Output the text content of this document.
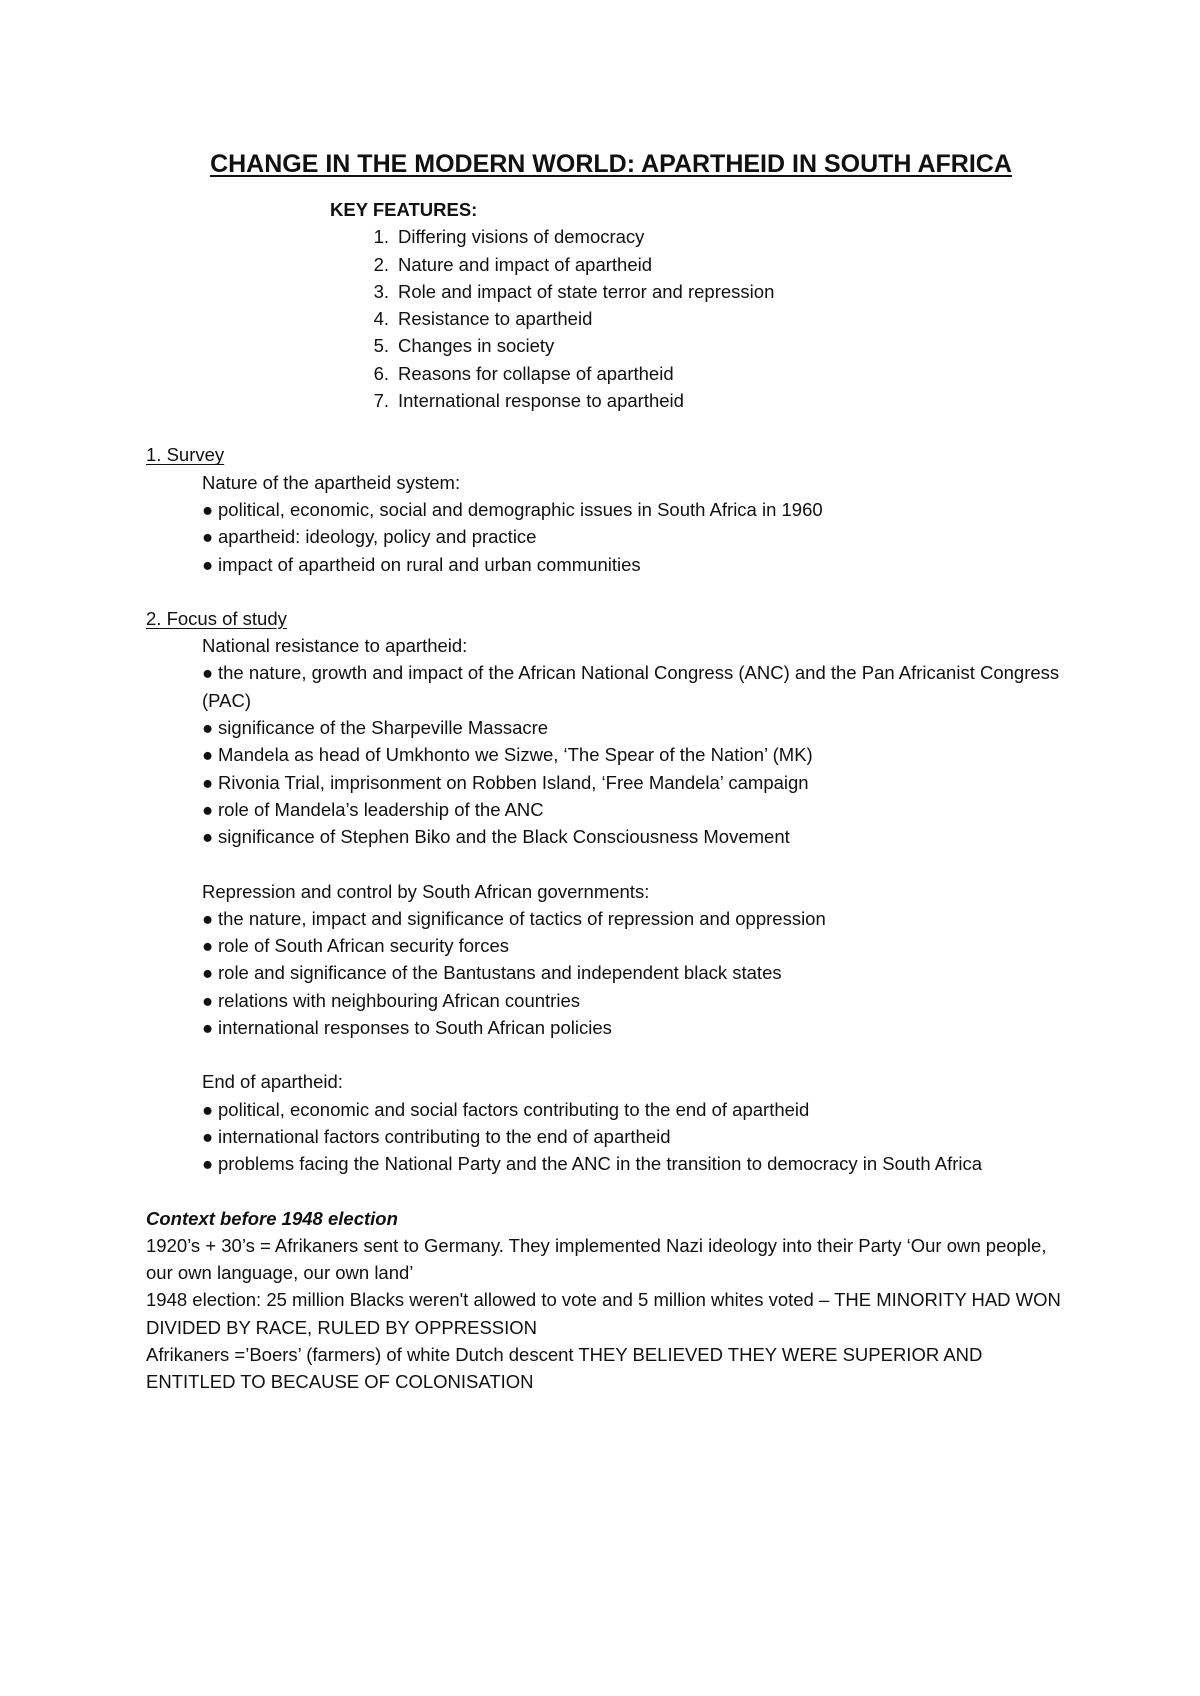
CHANGE IN THE MODERN WORLD: APARTHEID IN SOUTH AFRICA

KEY FEATURES:

1. Differing visions of democracy
2. Nature and impact of apartheid
3. Role and impact of state terror and repression
4. Resistance to apartheid
5. Changes in society
6. Reasons for collapse of apartheid
7. International response to apartheid

1. Survey

Nature of the apartheid system:

● political, economic, social and demographic issues in South Africa in 1960

● apartheid: ideology, policy and practice

● impact of apartheid on rural and urban communities

2. Focus of study

National resistance to apartheid:

● the nature, growth and impact of the African National Congress (ANC) and the Pan Africanist Congress (PAC)

● significance of the Sharpeville Massacre

● Mandela as head of Umkhonto we Sizwe, ‘The Spear of the Nation’ (MK)

● Rivonia Trial, imprisonment on Robben Island, ‘Free Mandela’ campaign

● role of Mandela’s leadership of the ANC

● significance of Stephen Biko and the Black Consciousness Movement

Repression and control by South African governments:

● the nature, impact and significance of tactics of repression and oppression

● role of South African security forces

● role and significance of the Bantustans and independent black states

● relations with neighbouring African countries

● international responses to South African policies

End of apartheid:

● political, economic and social factors contributing to the end of apartheid

● international factors contributing to the end of apartheid

● problems facing the National Party and the ANC in the transition to democracy in South Africa

Context before 1948 election

1920’s + 30’s = Afrikaners sent to Germany. They implemented Nazi ideology into their Party ‘Our own people, our own language, our own land’

1948 election: 25 million Blacks weren't allowed to vote and 5 million whites voted – THE MINORITY HAD WON

DIVIDED BY RACE, RULED BY OPPRESSION

Afrikaners =’Boers’ (farmers) of white Dutch descent THEY BELIEVED THEY WERE SUPERIOR AND ENTITLED TO BECAUSE OF COLONISATION
